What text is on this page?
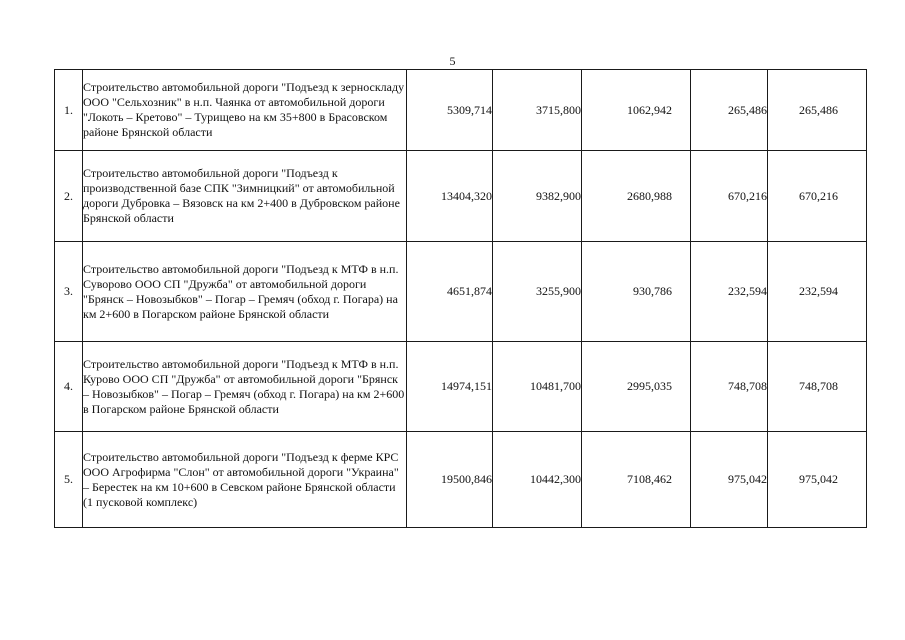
5
1.	Строительство автомобильной дороги "Подъезд к зерноскладу ООО "Сельхозник" в н.п. Чаянка от автомобильной дороги "Локоть – Кретово" – Турищево на км 35+800 в Брасовском районе Брянской области	5309,714	3715,800	1062,942	265,486	265,486
2.	Строительство автомобильной дороги "Подъезд к производственной базе СПК "Зимницкий" от автомобильной дороги Дубровка – Вязовск на км 2+400 в Дубровском районе Брянской области	13404,320	9382,900	2680,988	670,216	670,216
3.	Строительство автомобильной дороги "Подъезд к МТФ в н.п. Суворово ООО СП "Дружба" от автомобильной дороги "Брянск – Новозыбков" – Погар – Гремяч (обход г. Погара) на км 2+600 в Погарском районе Брянской области	4651,874	3255,900	930,786	232,594	232,594
4.	Строительство автомобильной дороги "Подъезд к МТФ в н.п. Курово ООО СП "Дружба" от автомобильной дороги "Брянск – Новозыбков" – Погар – Гремяч (обход г. Погара) на км 2+600 в Погарском районе Брянской области	14974,151	10481,700	2995,035	748,708	748,708
5.	Строительство автомобильной дороги "Подъезд к ферме КРС ООО Агрофирма "Слон" от автомобильной дороги "Украина" – Берестек на км 10+600 в Севском районе Брянской области (1 пусковой комплекс)	19500,846	10442,300	7108,462	975,042	975,042
